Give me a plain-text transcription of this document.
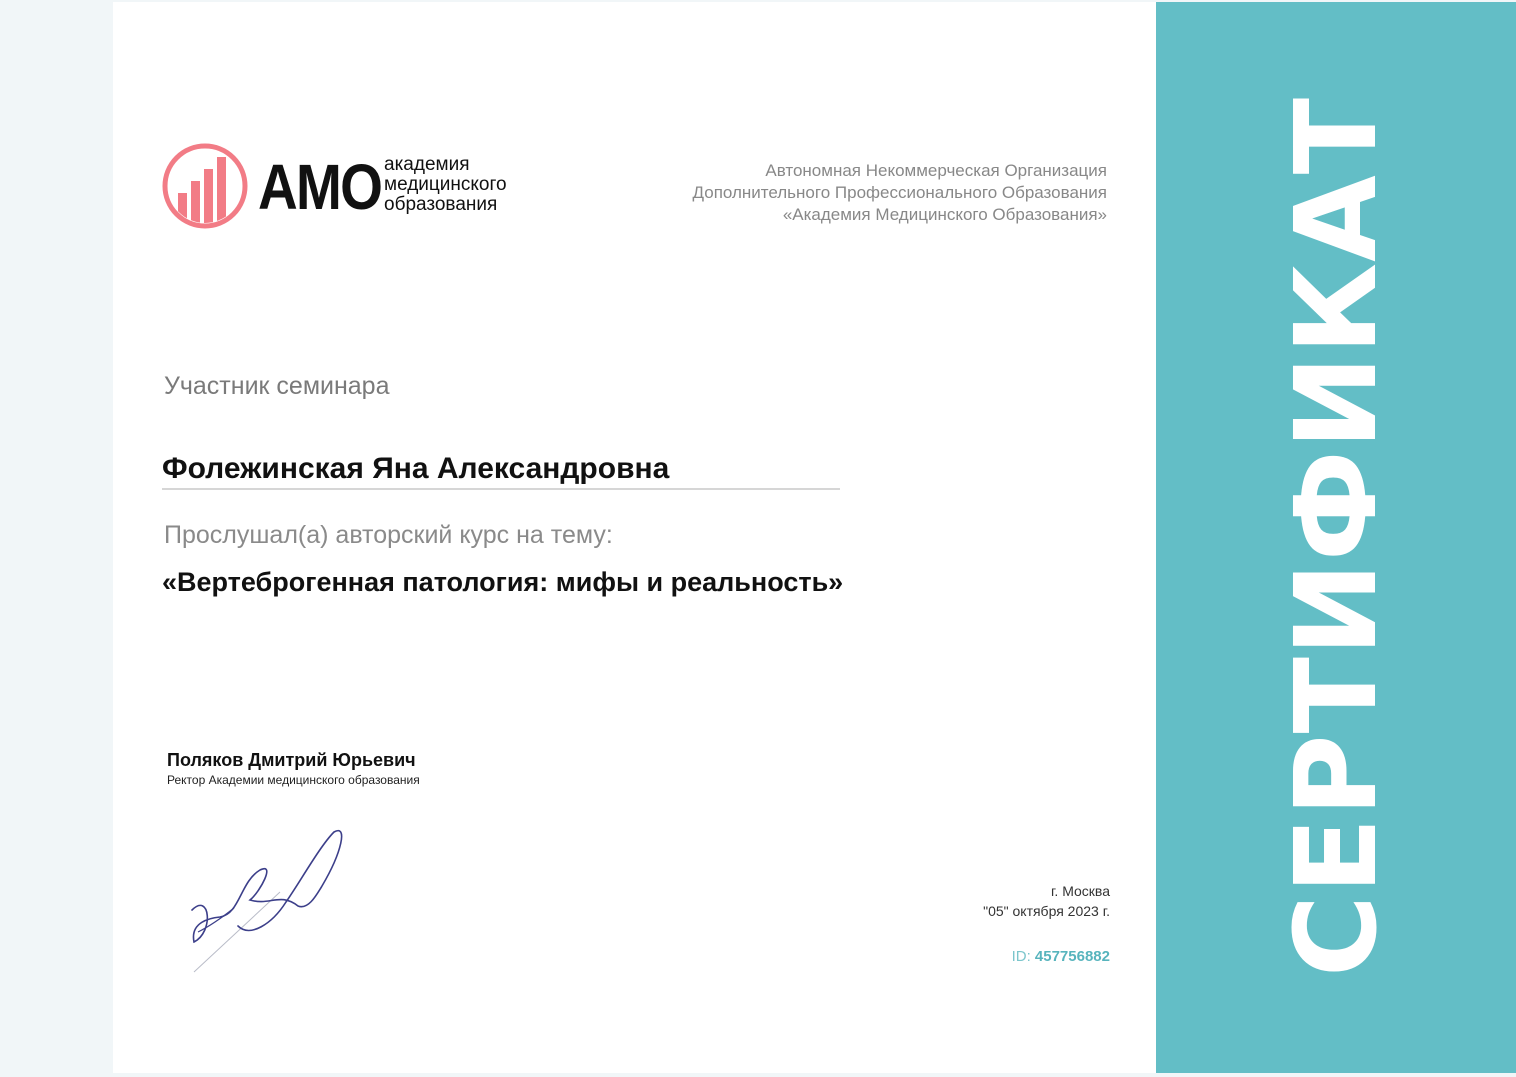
СЕРТИФИКАТ
АМО академия
медицинского
образования
Автономная Некоммерческая Организация
Дополнительного Профессионального Образования
«Академия Медицинского Образования»
Участник семинара
Фолежинская Яна Александровна
Прослушал(а) авторский курс на тему:
«Вертеброгенная патология: мифы и реальность»
Поляков Дмитрий Юрьевич
Ректор Академии медицинского образования
г. Москва
"05" октября 2023 г.
ID: 457756882
